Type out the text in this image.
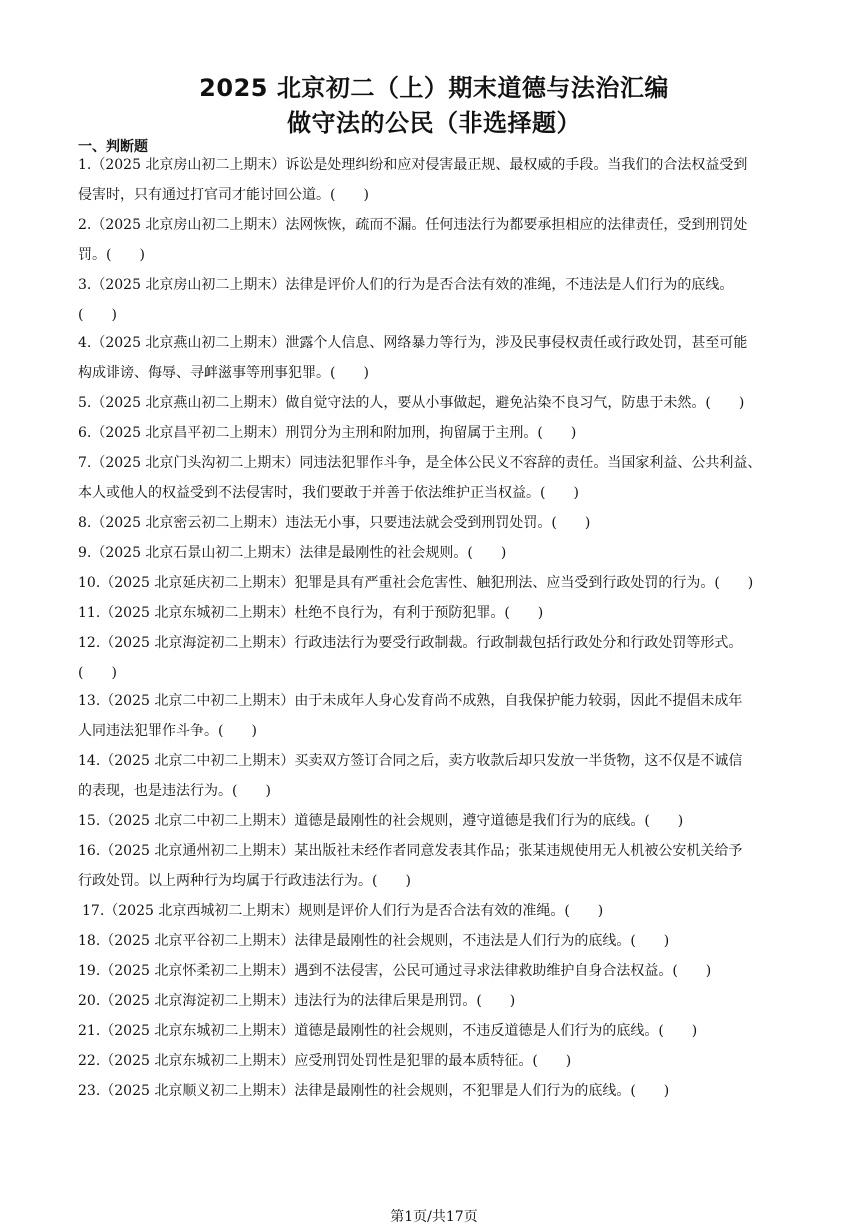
2025 北京初二（上）期末道德与法治汇编
做守法的公民（非选择题）
一、判断题
1.（2025 北京房山初二上期末）诉讼是处理纠纷和应对侵害最正规、最权威的手段。当我们的合法权益受到
侵害时，只有通过打官司才能讨回公道。(　　)
2.（2025 北京房山初二上期末）法网恢恢，疏而不漏。任何违法行为都要承担相应的法律责任，受到刑罚处
罚。(　　)
3.（2025 北京房山初二上期末）法律是评价人们的行为是否合法有效的准绳，不违法是人们行为的底线。
(　　)
4.（2025 北京燕山初二上期末）泄露个人信息、网络暴力等行为，涉及民事侵权责任或行政处罚，甚至可能
构成诽谤、侮辱、寻衅滋事等刑事犯罪。(　　)
5.（2025 北京燕山初二上期末）做自觉守法的人，要从小事做起，避免沾染不良习气，防患于未然。(　　)
6.（2025 北京昌平初二上期末）刑罚分为主刑和附加刑，拘留属于主刑。(　　)
7.（2025 北京门头沟初二上期末）同违法犯罪作斗争，是全体公民义不容辞的责任。当国家利益、公共利益、
本人或他人的权益受到不法侵害时，我们要敢于并善于依法维护正当权益。(　　)
8.（2025 北京密云初二上期末）违法无小事，只要违法就会受到刑罚处罚。(　　)
9.（2025 北京石景山初二上期末）法律是最刚性的社会规则。(　　)
10.（2025 北京延庆初二上期末）犯罪是具有严重社会危害性、触犯刑法、应当受到行政处罚的行为。(　　)
11.（2025 北京东城初二上期末）杜绝不良行为，有利于预防犯罪。(　　)
12.（2025 北京海淀初二上期末）行政违法行为要受行政制裁。行政制裁包括行政处分和行政处罚等形式。
(　　)
13.（2025 北京二中初二上期末）由于未成年人身心发育尚不成熟，自我保护能力较弱，因此不提倡未成年
人同违法犯罪作斗争。(　　)
14.（2025 北京二中初二上期末）买卖双方签订合同之后，卖方收款后却只发放一半货物，这不仅是不诚信
的表现，也是违法行为。(　　)
15.（2025 北京二中初二上期末）道德是最刚性的社会规则，遵守道德是我们行为的底线。(　　)
16.（2025 北京通州初二上期末）某出版社未经作者同意发表其作品；张某违规使用无人机被公安机关给予
行政处罚。以上两种行为均属于行政违法行为。(　　)
17.（2025 北京西城初二上期末）规则是评价人们行为是否合法有效的准绳。(　　)
18.（2025 北京平谷初二上期末）法律是最刚性的社会规则，不违法是人们行为的底线。(　　)
19.（2025 北京怀柔初二上期末）遇到不法侵害，公民可通过寻求法律救助维护自身合法权益。(　　)
20.（2025 北京海淀初二上期末）违法行为的法律后果是刑罚。(　　)
21.（2025 北京东城初二上期末）道德是最刚性的社会规则，不违反道德是人们行为的底线。(　　)
22.（2025 北京东城初二上期末）应受刑罚处罚性是犯罪的最本质特征。(　　)
23.（2025 北京顺义初二上期末）法律是最刚性的社会规则，不犯罪是人们行为的底线。(　　)
第1页/共17页
